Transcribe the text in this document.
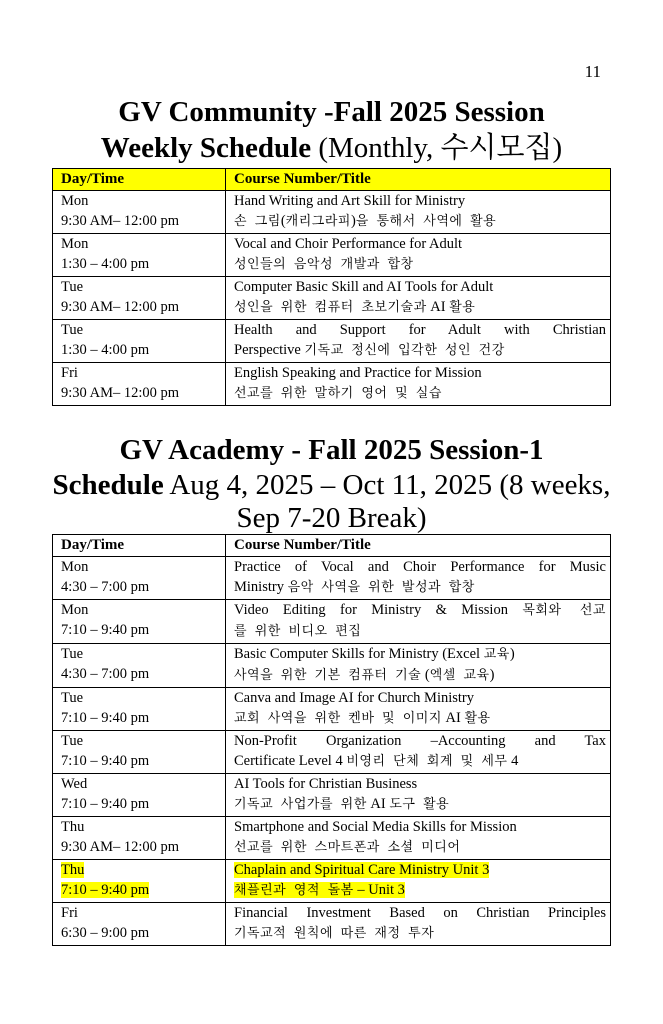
11
GV Community -Fall 2025 Session
Weekly Schedule (Monthly, 수시모집)
Day/Time	Course Number/Title

Mon
9:30 AM– 12:00 pm	Hand Writing and Art Skill for Ministry
손 그림(캐리그라피)을 통해서 사역에 활용

Mon
1:30 – 4:00 pm	Vocal and Choir Performance for Adult
성인들의 음악성 개발과 합창

Tue
9:30 AM– 12:00 pm	Computer Basic Skill and AI Tools for Adult
성인을 위한 컴퓨터 초보기술과 AI 활용

Tue
1:30 – 4:00 pm	Health and Support for Adult with Christian
Perspective 기독교 정신에 입각한 성인 건강

Fri
9:30 AM– 12:00 pm	English Speaking and Practice for Mission
선교를 위한 말하기 영어 및 실습
GV Academy - Fall 2025 Session-1
Schedule Aug 4, 2025 – Oct 11, 2025 (8 weeks,
Sep 7-20 Break)
Day/Time	Course Number/Title

Mon
4:30 – 7:00 pm	Practice of Vocal and Choir Performance for Music
Ministry 음악 사역을 위한 발성과 합창

Mon
7:10 – 9:40 pm	Video Editing for Ministry & Mission 목회와 선교
를 위한 비디오 편집

Tue
4:30 – 7:00 pm	Basic Computer Skills for Ministry (Excel 교육)
사역을 위한 기본 컴퓨터 기술 (엑셀 교육)

Tue
7:10 – 9:40 pm	Canva and Image AI for Church Ministry
교회 사역을 위한 켄바 및 이미지 AI 활용

Tue
7:10 – 9:40 pm	Non-Profit Organization –Accounting and Tax
Certificate Level 4 비영리 단체 회계 및 세무 4

Wed
7:10 – 9:40 pm	AI Tools for Christian Business
기독교 사업가를 위한 AI 도구 활용

Thu
9:30 AM– 12:00 pm	Smartphone and Social Media Skills for Mission
선교를 위한 스마트폰과 소셜 미디어

Thu
7:10 – 9:40 pm	Chaplain and Spiritual Care Ministry Unit 3
채플린과 영적 돌봄 – Unit 3

Fri
6:30 – 9:00 pm	Financial Investment Based on Christian Principles
기독교적 원칙에 따른 재정 투자
